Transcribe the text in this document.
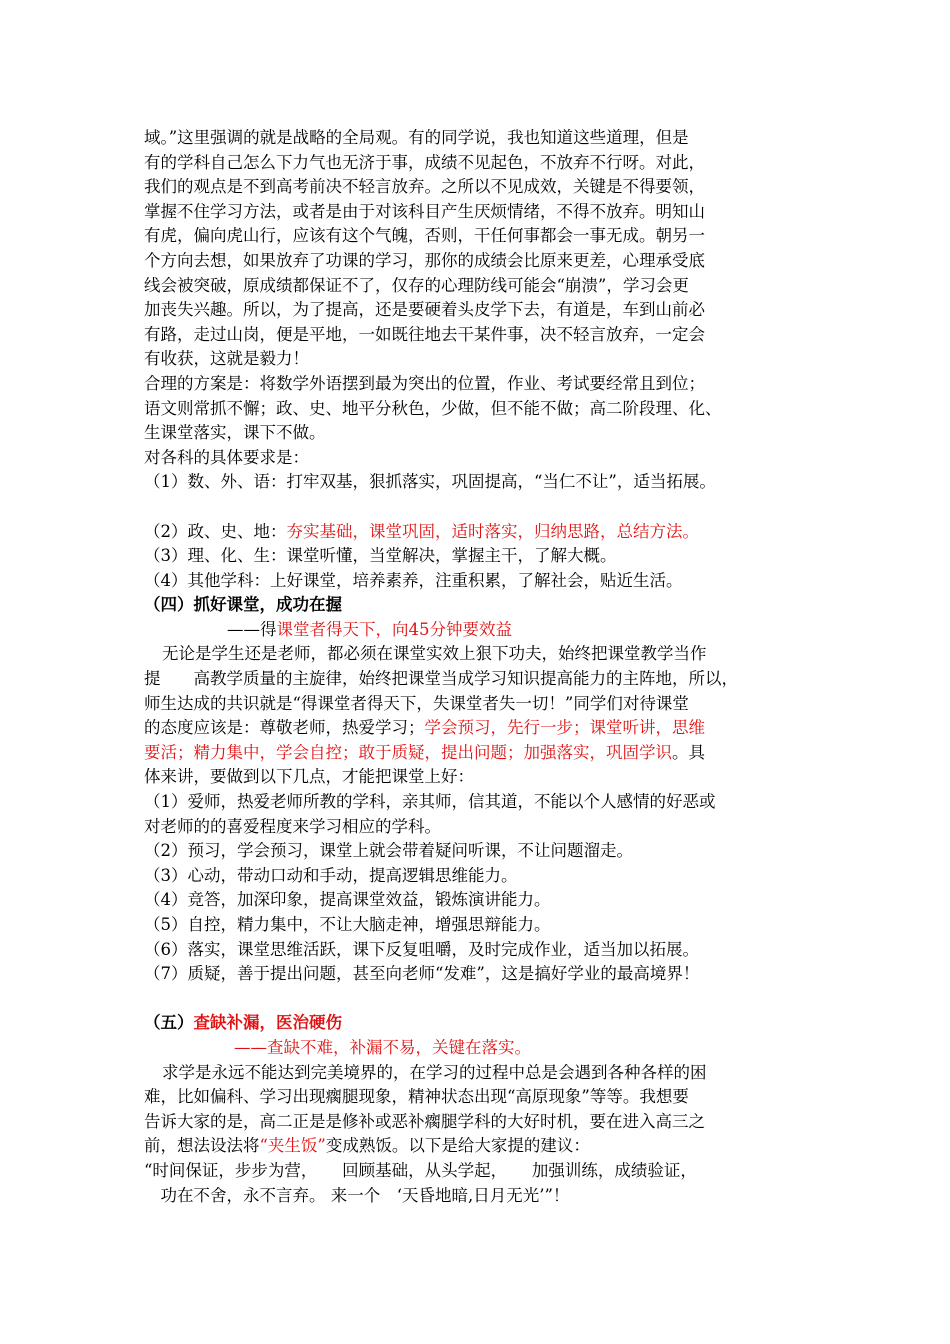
域。”这里强调的就是战略的全局观。有的同学说，我也知道这些道理，但是
有的学科自己怎么下力气也无济于事，成绩不见起色，不放弃不行呀。对此，
我们的观点是不到高考前决不轻言放弃。之所以不见成效，关键是不得要领，
掌握不住学习方法，或者是由于对该科目产生厌烦情绪，不得不放弃。明知山
有虎，偏向虎山行，应该有这个气魄，否则，干任何事都会一事无成。朝另一
个方向去想，如果放弃了功课的学习，那你的成绩会比原来更差，心理承受底
线会被突破，原成绩都保证不了，仅存的心理防线可能会“崩溃”，学习会更
加丧失兴趣。所以，为了提高，还是要硬着头皮学下去，有道是，车到山前必
有路，走过山岗，便是平地，一如既往地去干某件事，决不轻言放弃，一定会
有收获，这就是毅力！
合理的方案是：将数学外语摆到最为突出的位置，作业、考试要经常且到位；
语文则常抓不懈；政、史、地平分秋色，少做，但不能不做；高二阶段理、化、
生课堂落实，课下不做。
对各科的具体要求是：
（1）数、外、语：打牢双基，狠抓落实，巩固提高，“当仁不让”，适当拓展。
（2）政、史、地：夯实基础，课堂巩固，适时落实，归纳思路，总结方法。
（3）理、化、生：课堂听懂，当堂解决，掌握主干，了解大概。
（4）其他学科：上好课堂，培养素养，注重积累，了解社会，贴近生活。
（四）抓好课堂，成功在握
——得课堂者得天下，向45分钟要效益
无论是学生还是老师，都必须在课堂实效上狠下功夫，始终把课堂教学当作
提　　高教学质量的主旋律，始终把课堂当成学习知识提高能力的主阵地，所以，
师生达成的共识就是“得课堂者得天下，失课堂者失一切！”同学们对待课堂
的态度应该是：尊敬老师，热爱学习；学会预习，先行一步；课堂听讲，思维
要活；精力集中，学会自控；敢于质疑，提出问题；加强落实，巩固学识。具
体来讲，要做到以下几点，才能把课堂上好：
（1）爱师，热爱老师所教的学科，亲其师，信其道，不能以个人感情的好恶或
对老师的的喜爱程度来学习相应的学科。
（2）预习，学会预习，课堂上就会带着疑问听课，不让问题溜走。
（3）心动，带动口动和手动，提高逻辑思维能力。
（4）竞答，加深印象，提高课堂效益，锻炼演讲能力。
（5）自控，精力集中，不让大脑走神，增强思辩能力。
（6）落实，课堂思维活跃，课下反复咀嚼，及时完成作业，适当加以拓展。
（7）质疑，善于提出问题，甚至向老师“发难”，这是搞好学业的最高境界！
（五）查缺补漏，医治硬伤
——查缺不难，补漏不易，关键在落实。
求学是永远不能达到完美境界的，在学习的过程中总是会遇到各种各样的困
难，比如偏科、学习出现瘸腿现象，精神状态出现“高原现象”等等。我想要
告诉大家的是，高二正是是修补或恶补瘸腿学科的大好时机，要在进入高三之
前，想法设法将“夹生饭”变成熟饭。以下是给大家提的建议：
“时间保证，步步为营，　　回顾基础，从头学起，　　加强训练，成绩验证，
　功在不舍，永不言弃。 来一个　‘天昏地暗,日月无光’”！
